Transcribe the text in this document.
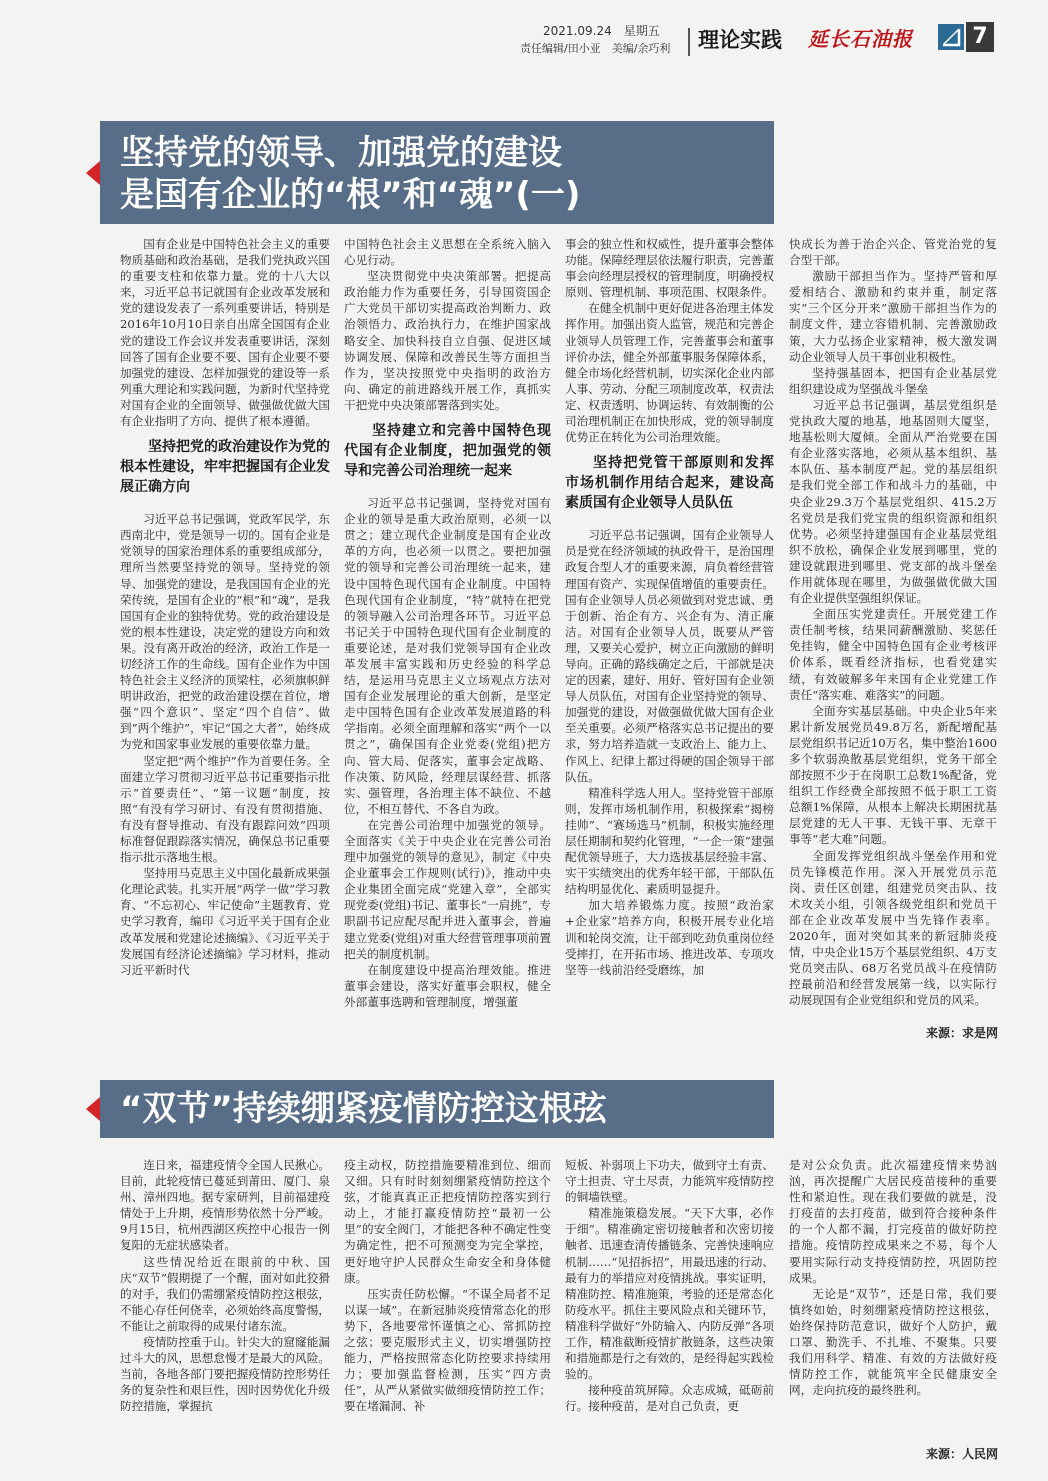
2021.09.24　星期五
责任编辑/田小亚　美编/余巧利 理论实践 延长石油报	7
坚持党的领导、加强党的建设
是国有企业的“根”和“魂”(一)

国有企业是中国特色社会主义的重要物质基础和政治基础，是我们党执政兴国的重要支柱和依靠力量。党的十八大以来，习近平总书记就国有企业改革发展和党的建设发表了一系列重要讲话，特别是2016年10月10日亲自出席全国国有企业党的建设工作会议并发表重要讲话，深刻回答了国有企业要不要、国有企业要不要加强党的建设、怎样加强党的建设等一系列重大理论和实践问题，为新时代坚持党对国有企业的全面领导、做强做优做大国有企业指明了方向、提供了根本遵循。

坚持把党的政治建设作为党的根本性建设，牢牢把握国有企业发展正确方向

习近平总书记强调，党政军民学，东西南北中，党是领导一切的。国有企业是党领导的国家治理体系的重要组成部分，理所当然要坚持党的领导。坚持党的领导、加强党的建设，是我国国有企业的光荣传统，是国有企业的“根”和“魂”，是我国国有企业的独特优势。党的政治建设是党的根本性建设，决定党的建设方向和效果。没有离开政治的经济，政治工作是一切经济工作的生命线。国有企业作为中国特色社会主义经济的顶梁柱，必须旗帜鲜明讲政治，把党的政治建设摆在首位，增强“四个意识”、坚定“四个自信”、做到“两个维护”，牢记“国之大者”，始终成为党和国家事业发展的重要依靠力量。

坚定把“两个维护”作为首要任务。全面建立学习贯彻习近平总书记重要指示批示“首要责任”、“第一议题”制度，按照“有没有学习研讨、有没有贯彻措施、有没有督导推动、有没有跟踪问效”四项标准督促跟踪落实情况，确保总书记重要指示批示落地生根。

坚持用马克思主义中国化最新成果强化理论武装。扎实开展“两学一做”学习教育、“不忘初心、牢记使命”主题教育、党史学习教育，编印《习近平关于国有企业改革发展和党建论述摘编》、《习近平关于发展国有经济论述摘编》学习材料，推动习近平新时代

中国特色社会主义思想在全系统入脑入心见行动。

坚决贯彻党中央决策部署。把提高政治能力作为重要任务，引导国资国企广大党员干部切实提高政治判断力、政治领悟力、政治执行力，在维护国家战略安全、加快科技自立自强、促进区域协调发展、保障和改善民生等方面担当作为，坚决按照党中央指明的政治方向、确定的前进路线开展工作，真抓实干把党中央决策部署落到实处。

坚持建立和完善中国特色现代国有企业制度，把加强党的领导和完善公司治理统一起来

习近平总书记强调，坚持党对国有企业的领导是重大政治原则，必须一以贯之；建立现代企业制度是国有企业改革的方向，也必须一以贯之。要把加强党的领导和完善公司治理统一起来，建设中国特色现代国有企业制度。中国特色现代国有企业制度，“特”就特在把党的领导融入公司治理各环节。习近平总书记关于中国特色现代国有企业制度的重要论述，是对我们党领导国有企业改革发展丰富实践和历史经验的科学总结，是运用马克思主义立场观点方法对国有企业发展理论的重大创新，是坚定走中国特色国有企业改革发展道路的科学指南。必须全面理解和落实“两个一以贯之”，确保国有企业党委(党组)把方向、管大局、促落实，董事会定战略、作决策、防风险，经理层谋经营、抓落实、强管理，各治理主体不缺位、不越位，不相互替代、不各自为政。

在完善公司治理中加强党的领导。全面落实《关于中央企业在完善公司治理中加强党的领导的意见》，制定《中央企业董事会工作规则(试行)》，推动中央企业集团全面完成“党建入章”，全部实现党委(党组)书记、董事长“一肩挑”，专职副书记应配尽配并进入董事会，普遍建立党委(党组)对重大经营管理事项前置把关的制度机制。

在制度建设中提高治理效能。推进董事会建设，落实好董事会职权，健全外部董事选聘和管理制度，增强董

事会的独立性和权威性，提升董事会整体功能。保障经理层依法履行职责，完善董事会向经理层授权的管理制度，明确授权原则、管理机制、事项范围、权限条件。

在健全机制中更好促进各治理主体发挥作用。加强出资人监管，规范和完善企业领导人员管理工作，完善董事会和董事评价办法，健全外部董事服务保障体系，健全市场化经营机制，切实深化企业内部人事、劳动、分配三项制度改革，权责法定、权责透明、协调运转、有效制衡的公司治理机制正在加快形成，党的领导制度优势正在转化为公司治理效能。

坚持把党管干部原则和发挥市场机制作用结合起来，建设高素质国有企业领导人员队伍

习近平总书记强调，国有企业领导人员是党在经济领域的执政骨干，是治国理政复合型人才的重要来源，肩负着经营管理国有资产、实现保值增值的重要责任。国有企业领导人员必须做到对党忠诚、勇于创新、治企有方、兴企有为、清正廉洁。对国有企业领导人员，既要从严管理，又要关心爱护，树立正向激励的鲜明导向。正确的路线确定之后，干部就是决定的因素，建好、用好、管好国有企业领导人员队伍，对国有企业坚持党的领导、加强党的建设，对做强做优做大国有企业至关重要。必须严格落实总书记提出的要求，努力培养造就一支政治上、能力上、作风上、纪律上都过得硬的国企领导干部队伍。

精准科学选人用人。坚持党管干部原则，发挥市场机制作用，积极探索“揭榜挂帅”、“赛场选马”机制，积极实施经理层任期制和契约化管理，“一企一策”建强配优领导班子，大力选拔基层经验丰富、实干实绩突出的优秀年轻干部，干部队伍结构明显优化、素质明显提升。

加大培养锻炼力度。按照“政治家+企业家”培养方向，积极开展专业化培训和轮岗交流，让干部到吃劲负重岗位经受摔打，在开拓市场、推进改革、专项攻坚等一线前沿经受磨练，加

快成长为善于治企兴企、管党治党的复合型干部。

激励干部担当作为。坚持严管和厚爱相结合、激励和约束并重，制定落实“三个区分开来”激励干部担当作为的制度文件，建立容错机制、完善激励政策，大力弘扬企业家精神，极大激发调动企业领导人员干事创业积极性。

坚持强基固本，把国有企业基层党组织建设成为坚强战斗堡垒

习近平总书记强调，基层党组织是党执政大厦的地基，地基固则大厦坚，地基松则大厦倾。全面从严治党要在国有企业落实落地，必须从基本组织、基本队伍、基本制度严起。党的基层组织是我们党全部工作和战斗力的基础，中央企业29.3万个基层党组织、415.2万名党员是我们党宝贵的组织资源和组织优势。必须坚持建强国有企业基层党组织不放松，确保企业发展到哪里，党的建设就跟进到哪里、党支部的战斗堡垒作用就体现在哪里，为做强做优做大国有企业提供坚强组织保证。

全面压实党建责任。开展党建工作责任制考核，结果同薪酬激励、奖惩任免挂钩，健全中国特色国有企业考核评价体系，既看经济指标，也看党建实绩，有效破解多年来国有企业党建工作责任“落实难、难落实”的问题。

全面夯实基层基础。中央企业5年来累计新发展党员49.8万名，新配增配基层党组织书记近10万名，集中整治1600多个软弱涣散基层党组织，党务干部全部按照不少于在岗职工总数1%配备，党组织工作经费全部按照不低于职工工资总额1%保障，从根本上解决长期困扰基层党建的无人干事、无钱干事、无章干事等“老大难”问题。

全面发挥党组织战斗堡垒作用和党员先锋模范作用。深入开展党员示范岗、责任区创建，组建党员突击队、技术攻关小组，引领各级党组织和党员干部在企业改革发展中当先锋作表率。2020年，面对突如其来的新冠肺炎疫情，中央企业15万个基层党组织、4万支党员突击队、68万名党员战斗在疫情防控最前沿和经营发展第一线，以实际行动展现国有企业党组织和党员的风采。

来源：求是网
“双节”持续绷紧疫情防控这根弦

连日来，福建疫情令全国人民揪心。目前，此轮疫情已蔓延到莆田、厦门、泉州、漳州四地。据专家研判，目前福建疫情处于上升期，疫情形势依然十分严峻。9月15日，杭州西湖区疾控中心报告一例复阳的无症状感染者。

这些情况给近在眼前的中秋、国庆“双节”假期提了一个醒，面对如此狡猾的对手，我们仍需绷紧疫情防控这根弦，不能心存任何侥幸，必须始终高度警惕，不能让之前取得的成果付诸东流。

疫情防控重于山。针尖大的窟窿能漏过斗大的风，思想怠慢才是最大的风险。当前，各地各部门要把握疫情防控形势任务的复杂性和艰巨性，因时因势优化升级防控措施，掌握抗

疫主动权，防控措施要精准到位、细而又细。只有时时刻刻绷紧疫情防控这个弦，才能真真正正把疫情防控落实到行动上，才能打赢疫情防控“最初一公里”的安全阀门，才能把各种不确定性变为确定性，把不可预测变为完全掌控，更好地守护人民群众生命安全和身体健康。

压实责任防松懈。“不谋全局者不足以谋一域”。在新冠肺炎疫情常态化的形势下，各地要常怀谨慎之心、常抓防控之弦；要克服形式主义，切实增强防控能力，严格按照常态化防控要求持续用力；要加强监督检测，压实“四方责任”，从严从紧做实做细疫情防控工作；要在堵漏洞、补

短板、补弱项上下功夫，做到守土有责、守土担责、守土尽责，力能筑牢疫情防控的铜墙铁壁。

精准施策稳发展。“天下大事，必作于细”。精准确定密切接触者和次密切接触者、迅速查清传播链条、完善快速响应机制……“见招拆招”，用最迅速的行动、最有力的举措应对疫情挑战。事实证明，精准防控、精准施策，考验的还是常态化防疫水平。抓住主要风险点和关键环节，精准科学做好“外防输入、内防反弹”各项工作，精准截断疫情扩散链条，这些决策和措施都是行之有效的，是经得起实践检验的。

接种疫苗筑屏障。众志成城，砥砺前行。接种疫苗，是对自己负责，更

是对公众负责。此次福建疫情来势汹汹，再次提醒广大居民疫苗接种的重要性和紧迫性。现在我们要做的就是，没打疫苗的去打疫苗，做到符合接种条件的一个人都不漏，打完疫苗的做好防控措施。疫情防控成果来之不易，每个人要用实际行动支持疫情防控，巩固防控成果。

无论是“双节”，还是日常，我们要慎终如始，时刻绷紧疫情防控这根弦，始终保持防范意识，做好个人防护，戴口罩、勤洗手、不扎堆、不聚集。只要我们用科学、精准、有效的方法做好疫情防控工作，就能筑牢全民健康安全网，走向抗疫的最终胜利。

来源：人民网
